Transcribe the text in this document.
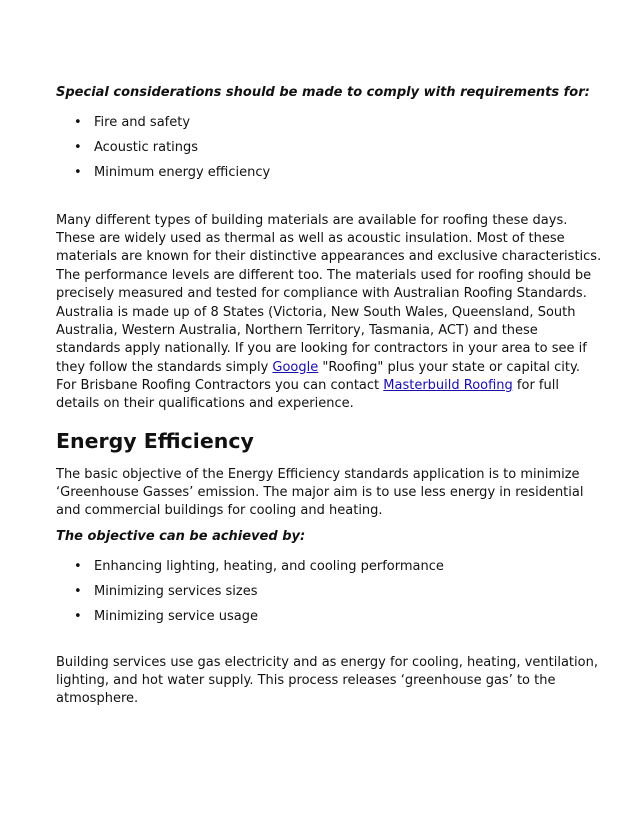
Special considerations should be made to comply with requirements for:
• Fire and safety
• Acoustic ratings
• Minimum energy efficiency

Many different types of building materials are available for roofing these days.
These are widely used as thermal as well as acoustic insulation. Most of these
materials are known for their distinctive appearances and exclusive characteristics.
The performance levels are different too. The materials used for roofing should be
precisely measured and tested for compliance with Australian Roofing Standards.

Australia is made up of 8 States (Victoria, New South Wales, Queensland, South
Australia, Western Australia, Northern Territory, Tasmania, ACT) and these
standards apply nationally. If you are looking for contractors in your area to see if
they follow the standards simply Google "Roofing" plus your state or capital city.
For Brisbane Roofing Contractors you can contact Masterbuild Roofing for full
details on their qualifications and experience.

Energy Efficiency

The basic objective of the Energy Efficiency standards application is to minimize
‘Greenhouse Gasses’ emission. The major aim is to use less energy in residential
and commercial buildings for cooling and heating.

The objective can be achieved by:
• Enhancing lighting, heating, and cooling performance
• Minimizing services sizes
• Minimizing service usage

Building services use gas electricity and as energy for cooling, heating, ventilation,
lighting, and hot water supply. This process releases ‘greenhouse gas’ to the
atmosphere.
